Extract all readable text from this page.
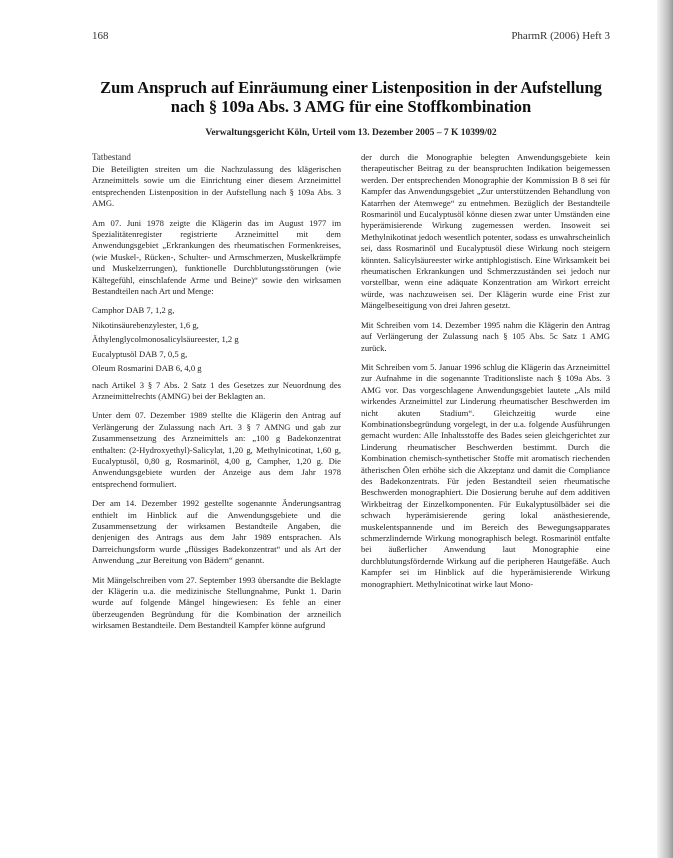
168	PharmR (2006) Heft 3
Zum Anspruch auf Einräumung einer Listenposition in der Aufstellung
nach § 109a Abs. 3 AMG für eine Stoffkombination
Verwaltungsgericht Köln, Urteil vom 13. Dezember 2005 – 7 K 10399/02
Tatbestand

Die Beteiligten streiten um die Nachzulassung des klägerischen Arzneimittels sowie um die Einrichtung einer diesem Arzneimittel entsprechenden Listenposition in der Aufstellung nach § 109a Abs. 3 AMG.

Am 07. Juni 1978 zeigte die Klägerin das im August 1977 im Spezialitätenregister registrierte Arzneimittel mit dem Anwendungsgebiet „Erkrankungen des rheumatischen Formenkreises, (wie Muskel-, Rücken-, Schulter- und Armschmerzen, Muskelkrämpfe und Muskelzerrungen), funktionelle Durchblutungsstörungen (wie Kältegefühl, einschlafende Arme und Beine)“ sowie den wirksamen Bestandteilen nach Art und Menge:

Camphor DAB 7, 1,2 g,

Nikotinsäurebenzylester, 1,6 g,

Äthylenglycolmonosalicylsäureester, 1,2 g

Eucalyptusöl DAB 7, 0,5 g,

Oleum Rosmarini DAB 6, 4,0 g

nach Artikel 3 § 7 Abs. 2 Satz 1 des Gesetzes zur Neuordnung des Arzneimittelrechts (AMNG) bei der Beklagten an.

Unter dem 07. Dezember 1989 stellte die Klägerin den Antrag auf Verlängerung der Zulassung nach Art. 3 § 7 AMNG und gab zur Zusammensetzung des Arzneimittels an: „100 g Badekonzentrat enthalten: (2-Hydroxyethyl)-Salicylat, 1,20 g, Methylnicotinat, 1,60 g, Eucalyptusöl, 0,80 g, Rosmarinöl, 4,00 g, Campher, 1,20 g. Die Anwendungsgebiete wurden der Anzeige aus dem Jahr 1978 entsprechend formuliert.

Der am 14. Dezember 1992 gestellte sogenannte Änderungsantrag enthielt im Hinblick auf die Anwendungsgebiete und die Zusammensetzung der wirksamen Bestandteile Angaben, die denjenigen des Antrags aus dem Jahr 1989 entsprachen. Als Darreichungsform wurde „flüssiges Badekonzentrat“ und als Art der Anwendung „zur Bereitung von Bädern“ genannt.

Mit Mängelschreiben vom 27. September 1993 übersandte die Beklagte der Klägerin u.a. die medizinische Stellungnahme, Punkt 1. Darin wurde auf folgende Mängel hingewiesen: Es fehle an einer überzeugenden Begründung für die Kombination der arzneilich wirksamen Bestandteile. Dem Bestandteil Kampfer könne aufgrund

der durch die Monographie belegten Anwendungsgebiete kein therapeutischer Beitrag zu der beanspruchten Indikation beigemessen werden. Der entsprechenden Monographie der Kommission B 8 sei für Kampfer das Anwendungsgebiet „Zur unterstützenden Behandlung von Katarrhen der Atemwege“ zu entnehmen. Bezüglich der Bestandteile Rosmarinöl und Eucalyptusöl könne diesen zwar unter Umständen eine hyperämisierende Wirkung zugemessen werden. Insoweit sei Methylnikotinat jedoch wesentlich potenter, sodass es unwahrscheinlich sei, dass Rosmarinöl und Eucalyptusöl diese Wirkung noch steigern könnten. Salicylsäureester wirke antiphlogistisch. Eine Wirksamkeit bei rheumatischen Erkrankungen und Schmerzzuständen sei jedoch nur vorstellbar, wenn eine adäquate Konzentration am Wirkort erreicht würde, was nachzuweisen sei. Der Klägerin wurde eine Frist zur Mängelbeseitigung von drei Jahren gesetzt.

Mit Schreiben vom 14. Dezember 1995 nahm die Klägerin den Antrag auf Verlängerung der Zulassung nach § 105 Abs. 5c Satz 1 AMG zurück.

Mit Schreiben vom 5. Januar 1996 schlug die Klägerin das Arzneimittel zur Aufnahme in die sogenannte Traditionsliste nach § 109a Abs. 3 AMG vor. Das vorgeschlagene Anwendungsgebiet lautete „Als mild wirkendes Arzneimittel zur Linderung rheumatischer Beschwerden im nicht akuten Stadium“. Gleichzeitig wurde eine Kombinationsbegründung vorgelegt, in der u.a. folgende Ausführungen gemacht wurden: Alle Inhaltsstoffe des Bades seien gleichgerichtet zur Linderung rheumatischer Beschwerden bestimmt. Durch die Kombination chemisch-synthetischer Stoffe mit aromatisch riechenden ätherischen Ölen erhöhe sich die Akzeptanz und damit die Compliance des Badekonzentrats. Für jeden Bestandteil seien rheumatische Beschwerden monographiert. Die Dosierung beruhe auf dem additiven Wirkbeitrag der Einzelkomponenten. Für Eukalyptusölbäder sei die schwach hyperämisierende gering lokal anästhesierende, muskelentspannende und im Bereich des Bewegungsapparates schmerzlindernde Wirkung monographisch belegt. Rosmarinöl entfalte bei äußerlicher Anwendung laut Monographie eine durchblutungsfördernde Wirkung auf die peripheren Hautgefäße. Auch Kampfer sei im Hinblick auf die hyperämisierende Wirkung monographiert. Methylnicotinat wirke laut Mono-
